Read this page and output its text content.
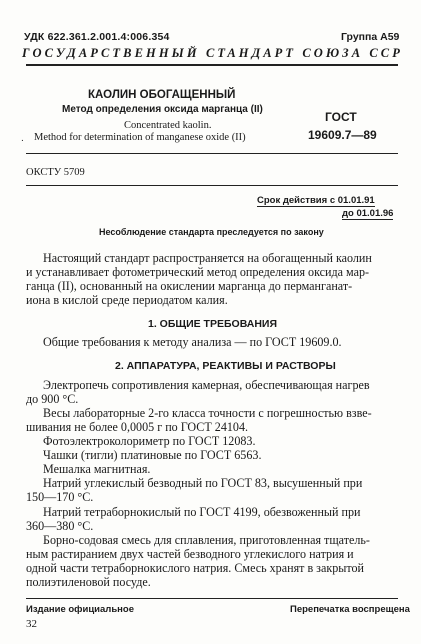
УДК 622.361.2.001.4:006.354	Группа А59
ГОСУДАРСТВЕННЫЙ СТАНДАРТ СОЮЗА ССР
КАОЛИН ОБОГАЩЕННЫЙ
Метод определения оксида марганца (II)
Concentrated kaolin.
Method for determination of manganese oxide (II)
.
ГОСТ
19609.7—89
ОКСТУ 5709
Срок действия с 01.01.91
до 01.01.96
Несоблюдение стандарта преследуется по закону
Настоящий стандарт распространяется на обогащенный каолин
и устанавливает фотометрический метод определения оксида мар-
ганца (II), основанный на окислении марганца до перманганат-
иона в кислой среде периодатом калия.
1. ОБЩИЕ ТРЕБОВАНИЯ
Общие требования к методу анализа — по ГОСТ 19609.0.
2. АППАРАТУРА, РЕАКТИВЫ И РАСТВОРЫ
Электропечь сопротивления камерная, обеспечивающая нагрев
до 900 °С.
Весы лабораторные 2-го класса точности с погрешностью взве-
шивания не более 0,0005 г по ГОСТ 24104.
Фотоэлектроколориметр по ГОСТ 12083.
Чашки (тигли) платиновые по ГОСТ 6563.
Мешалка магнитная.
Натрий углекислый безводный по ГОСТ 83, высушенный при
150—170 °С.
Натрий тетраборнокислый по ГОСТ 4199, обезвоженный при
360—380 °С.
Борно-содовая смесь для сплавления, приготовленная тщатель-
ным растиранием двух частей безводного углекислого натрия и
одной части тетраборнокислого натрия. Смесь хранят в закрытой
полиэтиленовой посуде.
Издание официальное	Перепечатка воспрещена
32
